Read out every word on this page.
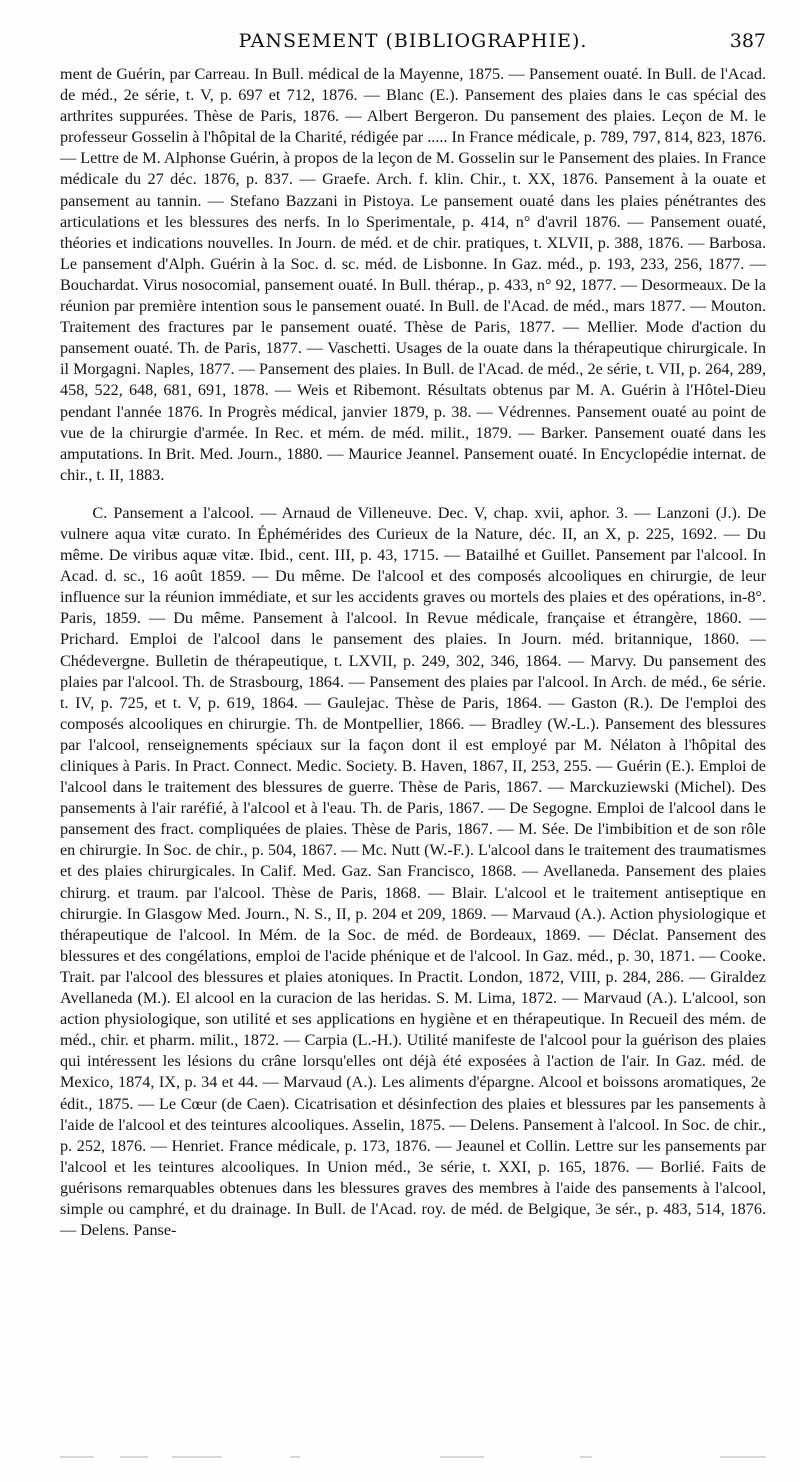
PANSEMENT (BIBLIOGRAPHIE).	387

ment de Guérin, par Carreau. In Bull. médical de la Mayenne, 1875. — Pansement ouaté. In Bull. de l'Acad. de méd., 2e série, t. V, p. 697 et 712, 1876. — Blanc (E.). Pansement des plaies dans le cas spécial des arthrites suppurées. Thèse de Paris, 1876. — Albert Bergeron. Du pansement des plaies. Leçon de M. le professeur Gosselin à l'hôpital de la Charité, rédigée par ..... In France médicale, p. 789, 797, 814, 823, 1876. — Lettre de M. Alphonse Guérin, à propos de la leçon de M. Gosselin sur le Pansement des plaies. In France médicale du 27 déc. 1876, p. 837. — Graefe. Arch. f. klin. Chir., t. XX, 1876. Pansement à la ouate et pansement au tannin. — Stefano Bazzani in Pistoya. Le pansement ouaté dans les plaies pénétrantes des articulations et les blessures des nerfs. In lo Sperimentale, p. 414, n° d'avril 1876. — Pansement ouaté, théories et indications nouvelles. In Journ. de méd. et de chir. pratiques, t. XLVII, p. 388, 1876. — Barbosa. Le pansement d'Alph. Guérin à la Soc. d. sc. méd. de Lisbonne. In Gaz. méd., p. 193, 233, 256, 1877. — Bouchardat. Virus nosocomial, pansement ouaté. In Bull. thérap., p. 433, n° 92, 1877. — Desormeaux. De la réunion par première intention sous le pansement ouaté. In Bull. de l'Acad. de méd., mars 1877. — Mouton. Traitement des fractures par le pansement ouaté. Thèse de Paris, 1877. — Mellier. Mode d'action du pansement ouaté. Th. de Paris, 1877. — Vaschetti. Usages de la ouate dans la thérapeutique chirurgicale. In il Morgagni. Naples, 1877. — Pansement des plaies. In Bull. de l'Acad. de méd., 2e série, t. VII, p. 264, 289, 458, 522, 648, 681, 691, 1878. — Weis et Ribemont. Résultats obtenus par M. A. Guérin à l'Hôtel-Dieu pendant l'année 1876. In Progrès médical, janvier 1879, p. 38. — Védrennes. Pansement ouaté au point de vue de la chirurgie d'armée. In Rec. et mém. de méd. milit., 1879. — Barker. Pansement ouaté dans les amputations. In Brit. Med. Journ., 1880. — Maurice Jeannel. Pansement ouaté. In Encyclopédie internat. de chir., t. II, 1883.

C. Pansement a l'alcool. — Arnaud de Villeneuve. Dec. V, chap. xvii, aphor. 3. — Lanzoni (J.). De vulnere aqua vitæ curato. In Éphémérides des Curieux de la Nature, déc. II, an X, p. 225, 1692. — Du même. De viribus aquæ vitæ. Ibid., cent. III, p. 43, 1715. — Batailhé et Guillet. Pansement par l'alcool. In Acad. d. sc., 16 août 1859. — Du même. De l'alcool et des composés alcooliques en chirurgie, de leur influence sur la réunion immédiate, et sur les accidents graves ou mortels des plaies et des opérations, in-8°. Paris, 1859. — Du même. Pansement à l'alcool. In Revue médicale, française et étrangère, 1860. — Prichard. Emploi de l'alcool dans le pansement des plaies. In Journ. méd. britannique, 1860. — Chédevergne. Bulletin de thérapeutique, t. LXVII, p. 249, 302, 346, 1864. — Marvy. Du pansement des plaies par l'alcool. Th. de Strasbourg, 1864. — Pansement des plaies par l'alcool. In Arch. de méd., 6e série. t. IV, p. 725, et t. V, p. 619, 1864. — Gaulejac. Thèse de Paris, 1864. — Gaston (R.). De l'emploi des composés alcooliques en chirurgie. Th. de Montpellier, 1866. — Bradley (W.-L.). Pansement des blessures par l'alcool, renseignements spéciaux sur la façon dont il est employé par M. Nélaton à l'hôpital des cliniques à Paris. In Pract. Connect. Medic. Society. B. Haven, 1867, II, 253, 255. — Guérin (E.). Emploi de l'alcool dans le traitement des blessures de guerre. Thèse de Paris, 1867. — Marckuziewski (Michel). Des pansements à l'air raréfié, à l'alcool et à l'eau. Th. de Paris, 1867. — De Segogne. Emploi de l'alcool dans le pansement des fract. compliquées de plaies. Thèse de Paris, 1867. — M. Sée. De l'imbibition et de son rôle en chirurgie. In Soc. de chir., p. 504, 1867. — Mc. Nutt (W.-F.). L'alcool dans le traitement des traumatismes et des plaies chirurgicales. In Calif. Med. Gaz. San Francisco, 1868. — Avellaneda. Pansement des plaies chirurg. et traum. par l'alcool. Thèse de Paris, 1868. — Blair. L'alcool et le traitement antiseptique en chirurgie. In Glasgow Med. Journ., N. S., II, p. 204 et 209, 1869. — Marvaud (A.). Action physiologique et thérapeutique de l'alcool. In Mém. de la Soc. de méd. de Bordeaux, 1869. — Déclat. Pansement des blessures et des congélations, emploi de l'acide phénique et de l'alcool. In Gaz. méd., p. 30, 1871. — Cooke. Trait. par l'alcool des blessures et plaies atoniques. In Practit. London, 1872, VIII, p. 284, 286. — Giraldez Avellaneda (M.). El alcool en la curacion de las heridas. S. M. Lima, 1872. — Marvaud (A.). L'alcool, son action physiologique, son utilité et ses applications en hygiène et en thérapeutique. In Recueil des mém. de méd., chir. et pharm. milit., 1872. — Carpia (L.-H.). Utilité manifeste de l'alcool pour la guérison des plaies qui intéressent les lésions du crâne lorsqu'elles ont déjà été exposées à l'action de l'air. In Gaz. méd. de Mexico, 1874, IX, p. 34 et 44. — Marvaud (A.). Les aliments d'épargne. Alcool et boissons aromatiques, 2e édit., 1875. — Le Cœur (de Caen). Cicatrisation et désinfection des plaies et blessures par les pansements à l'aide de l'alcool et des teintures alcooliques. Asselin, 1875. — Delens. Pansement à l'alcool. In Soc. de chir., p. 252, 1876. — Henriet. France médicale, p. 173, 1876. — Jeaunel et Collin. Lettre sur les pansements par l'alcool et les teintures alcooliques. In Union méd., 3e série, t. XXI, p. 165, 1876. — Borlié. Faits de guérisons remarquables obtenues dans les blessures graves des membres à l'aide des pansements à l'alcool, simple ou camphré, et du drainage. In Bull. de l'Acad. roy. de méd. de Belgique, 3e sér., p. 483, 514, 1876. — Delens. Panse-
